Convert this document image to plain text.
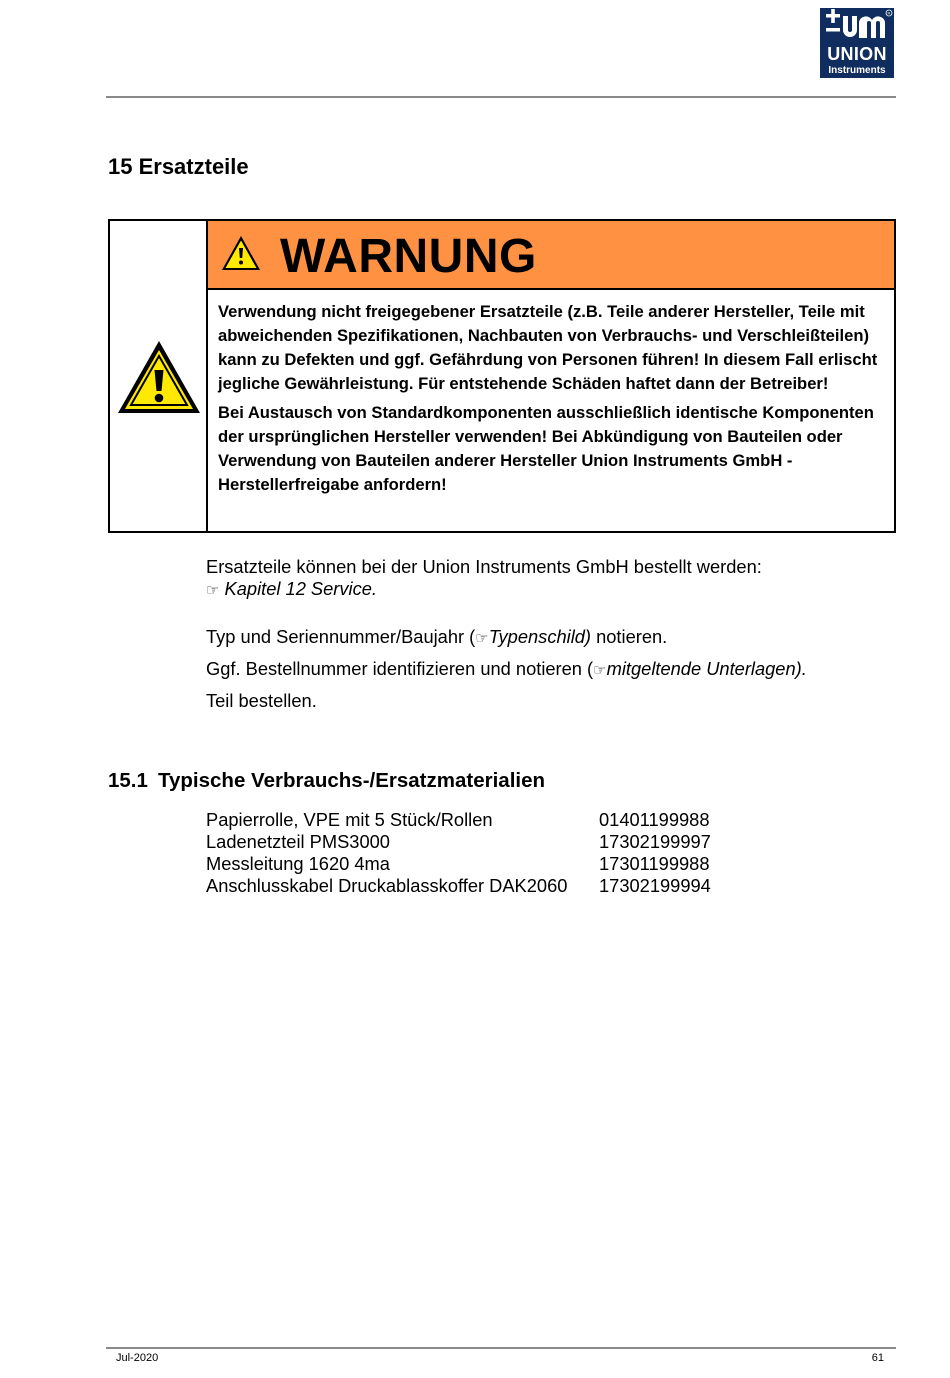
R
UNION
Instruments
15 Ersatzteile
WARNUNG

Verwendung nicht freigegebener Ersatzteile (z.B. Teile anderer Hersteller, Teile mit abweichenden Spezifikationen, Nachbauten von Verbrauchs- und Verschleißteilen) kann zu Defekten und ggf. Gefährdung von Personen führen! In diesem Fall erlischt jegliche Gewährleistung. Für entstehende Schäden haftet dann der Betreiber!

Bei Austausch von Standardkomponenten ausschließlich identische Komponenten der ursprünglichen Hersteller verwenden! Bei Abkündigung von Bauteilen oder Verwendung von Bauteilen anderer Hersteller Union Instruments GmbH -Herstellerfreigabe anfordern!

Ersatzteile können bei der Union Instruments GmbH bestellt werden:
☞ Kapitel 12 Service.

Typ und Seriennummer/Baujahr (☞Typenschild) notieren.

Ggf. Bestellnummer identifizieren und notieren (☞mitgeltende Unterlagen).

Teil bestellen.

15.1 Typische Verbrauchs-/Ersatzmaterialien
Papierrolle, VPE mit 5 Stück/Rollen	01401199988
Ladenetzteil PMS3000	17302199997
Messleitung 1620 4ma	17301199988
Anschlusskabel Druckablasskoffer DAK2060	17302199994
Jul-2020	61
